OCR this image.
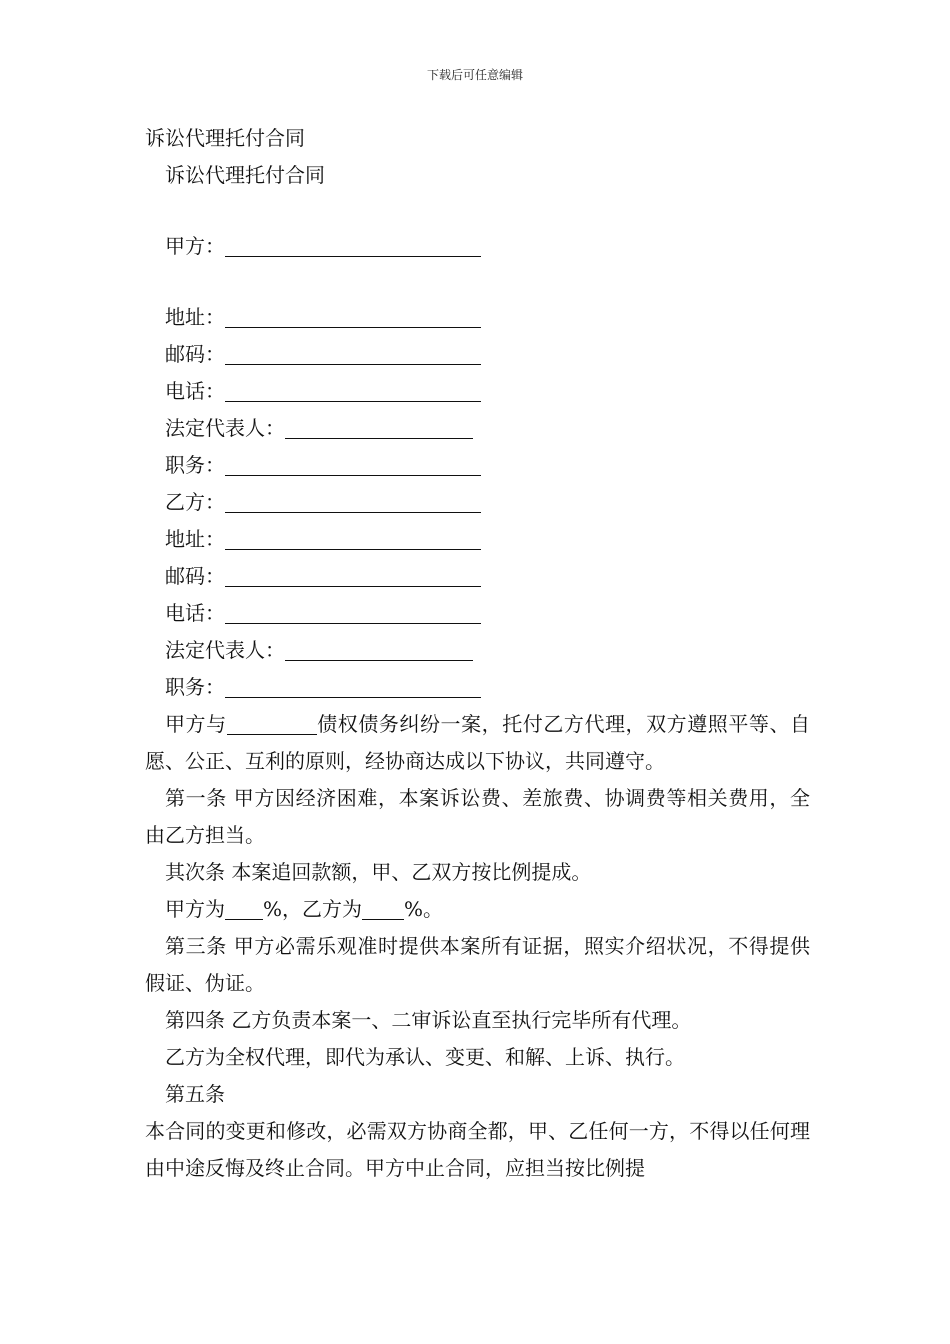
下载后可任意编辑
诉讼代理托付合同
诉讼代理托付合同
甲方：
地址：
邮码：
电话：
法定代表人：
职务：
乙方：
地址：
邮码：
电话：
法定代表人：
职务：
甲方与	债权债务纠纷一案，托付乙方代理，双方遵照平等、自愿、公正、互利的原则，经协商达成以下协议，共同遵守。
第一条 甲方因经济困难，本案诉讼费、差旅费、协调费等相关费用，全由乙方担当。
其次条 本案追回款额，甲、乙双方按比例提成。
甲方为 %，乙方为 %。
第三条 甲方必需乐观准时提供本案所有证据，照实介绍状况，不得提供假证、伪证。
第四条 乙方负责本案一、二审诉讼直至执行完毕所有代理。
乙方为全权代理，即代为承认、变更、和解、上诉、执行。
第五条
本合同的变更和修改，必需双方协商全都，甲、乙任何一方，不得以任何理由中途反悔及终止合同。甲方中止合同，应担当按比例提
